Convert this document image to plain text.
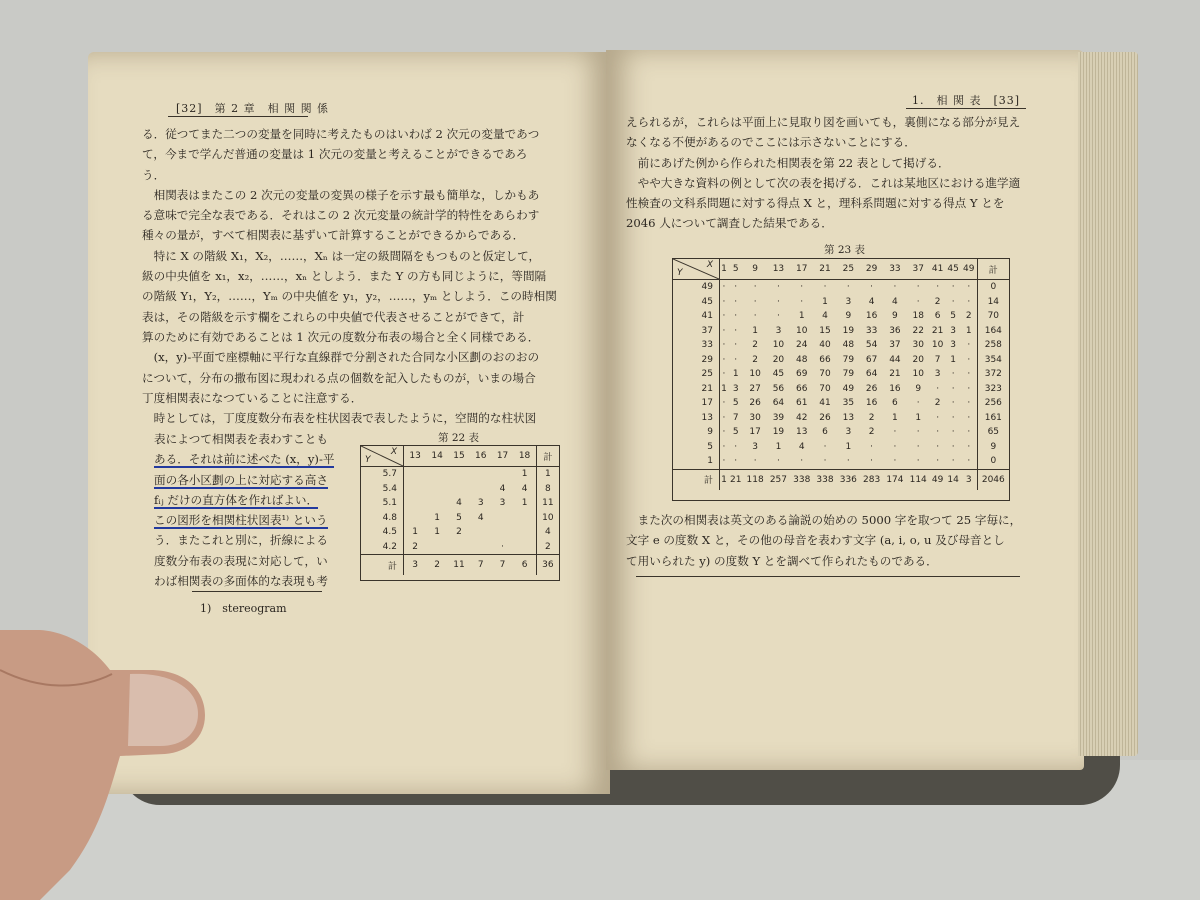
[32]　第 2 章　相 関 関 係

る．従つてまた二つの変量を同時に考えたものはいわば 2 次元の変量であつ

て，今まで学んだ普通の変量は 1 次元の変量と考えることができるであろ

う．

　相関表はまたこの 2 次元の変量の変異の様子を示す最も簡単な，しかもあ

る意味で完全な表である．それはこの 2 次元変量の統計学的特性をあらわす

種々の量が，すべて相関表に基ずいて計算することができるからである．

　特に X の階級 X₁，X₂，……，Xₙ は一定の級間隔をもつものと仮定して，

級の中央値を x₁，x₂，……，xₙ としよう．また Y の方も同じように，等間隔

の階級 Y₁，Y₂，……，Yₘ の中央値を y₁，y₂，……，yₘ としよう．この時相関

表は，その階級を示す欄をこれらの中央値で代表させることができて，計

算のために有効であることは 1 次元の度数分布表の場合と全く同様である．

　(x，y)-平面で座標軸に平行な直線群で分割された合同な小区劃のおのおの

について，分布の撒布図に現われる点の個数を記入したものが，いまの場合

丁度相関表になつていることに注意する．

　時としては，丁度度数分布表を柱状図表で表したように，空間的な柱状図

表によつて相関表を表わすことも

ある．それは前に述べた (x，y)-平

面の各小区劃の上に対応する高さ

fᵢⱼ だけの直方体を作ればよい．

この図形を相関柱状図表¹⁾ という

う．またこれと別に，折線による

度数分布表の表現に対応して，い

わば相関表の多面体的な表現も考

第 22 表
X
Y	13	14	15	16	17	18	計
5.7						1	1
5.4					4	4	8
5.1			4	3	3	1	11
4.8		1	5	4			10
4.5	1	1	2				4
4.2	2				·		2
計	3	2	11	7	7	6	36
1)　stereogram
1.　相 関 表　[33]

えられるが，これらは平面上に見取り図を画いても，裏側になる部分が見え

なくなる不便があるのでここには示さないことにする．

　前にあげた例から作られた相関表を第 22 表として掲げる．

　やや大きな資料の例として次の表を掲げる．これは某地区における進学適

性検査の文科系問題に対する得点 X と，理科系問題に対する得点 Y とを

2046 人について調査した結果である．

第 23 表
X
Y	1	5	9	13	17	21	25	29	33	37	41	45	49	計
49	·	·	·	·	·	·	·	·	·	·	·	·	·	0
45	·	·	·	·	·	1	3	4	4	·	2	·	·	14
41	·	·	·	·	1	4	9	16	9	18	6	5	2	70
37	·	·	1	3	10	15	19	33	36	22	21	3	1	164
33	·	·	2	10	24	40	48	54	37	30	10	3	·	258
29	·	·	2	20	48	66	79	67	44	20	7	1	·	354
25	·	1	10	45	69	70	79	64	21	10	3	·	·	372
21	1	3	27	56	66	70	49	26	16	9	·	·	·	323
17	·	5	26	64	61	41	35	16	6	·	2	·	·	256
13	·	7	30	39	42	26	13	2	1	1	·	·	·	161
9	·	5	17	19	13	6	3	2	·	·	·	·	·	65
5	·	·	3	1	4	·	1	·	·	·	·	·	·	9
1	·	·	·	·	·	·	·	·	·	·	·	·	·	0
計	1	21	118	257	338	338	336	283	174	114	49	14	3	2046

　また次の相関表は英文のある論説の始めの 5000 字を取つて 25 字毎に，

文字 e の度数 X と，その他の母音を表わす文字 (a, i, o, u 及び母音とし

て用いられた y) の度数 Y とを調べて作られたものである．
